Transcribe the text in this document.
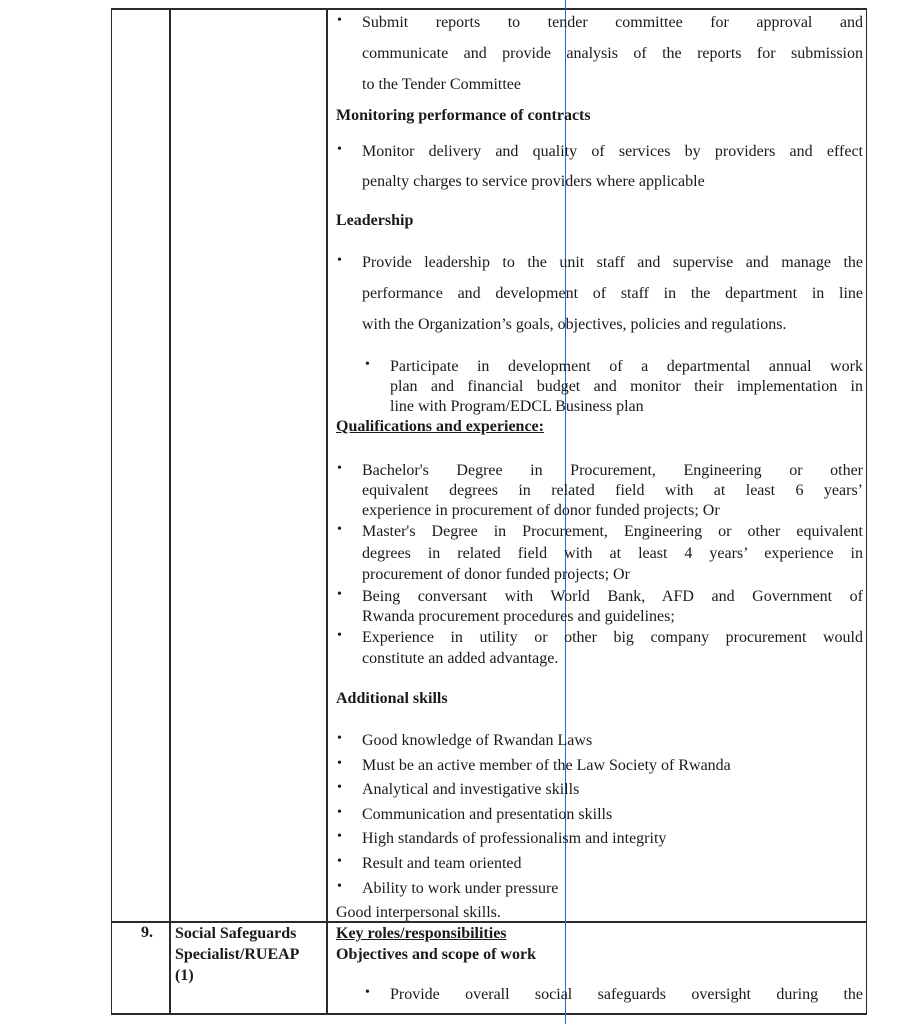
• Submit reports to tender committee for approval and
communicate and provide analysis of the reports for submission
to the Tender Committee
Monitoring performance of contracts
• Monitor delivery and quality of services by providers and effect
penalty charges to service providers where applicable
Leadership
• Provide leadership to the unit staff and supervise and manage the
performance and development of staff in the department in line
with the Organization’s goals, objectives, policies and regulations.
• Participate in development of a departmental annual work
plan and financial budget and monitor their implementation in
line with Program/EDCL Business plan
Qualifications and experience:
• Bachelor's Degree in Procurement, Engineering or other
equivalent degrees in related field with at least 6 years’
experience in procurement of donor funded projects; Or
• Master's Degree in Procurement, Engineering or other equivalent
degrees in related field with at least 4 years’ experience in
procurement of donor funded projects; Or
• Being conversant with World Bank, AFD and Government of
Rwanda procurement procedures and guidelines;
• Experience in utility or other big company procurement would
constitute an added advantage.
Additional skills
• Good knowledge of Rwandan Laws
• Must be an active member of the Law Society of Rwanda
• Analytical and investigative skills
• Communication and presentation skills
• High standards of professionalism and integrity
• Result and team oriented
• Ability to work under pressure
Good interpersonal skills.
9. Social Safeguards
Specialist/RUEAP
(1)
Key roles/responsibilities
Objectives and scope of work
• Provide overall social safeguards oversight during the
